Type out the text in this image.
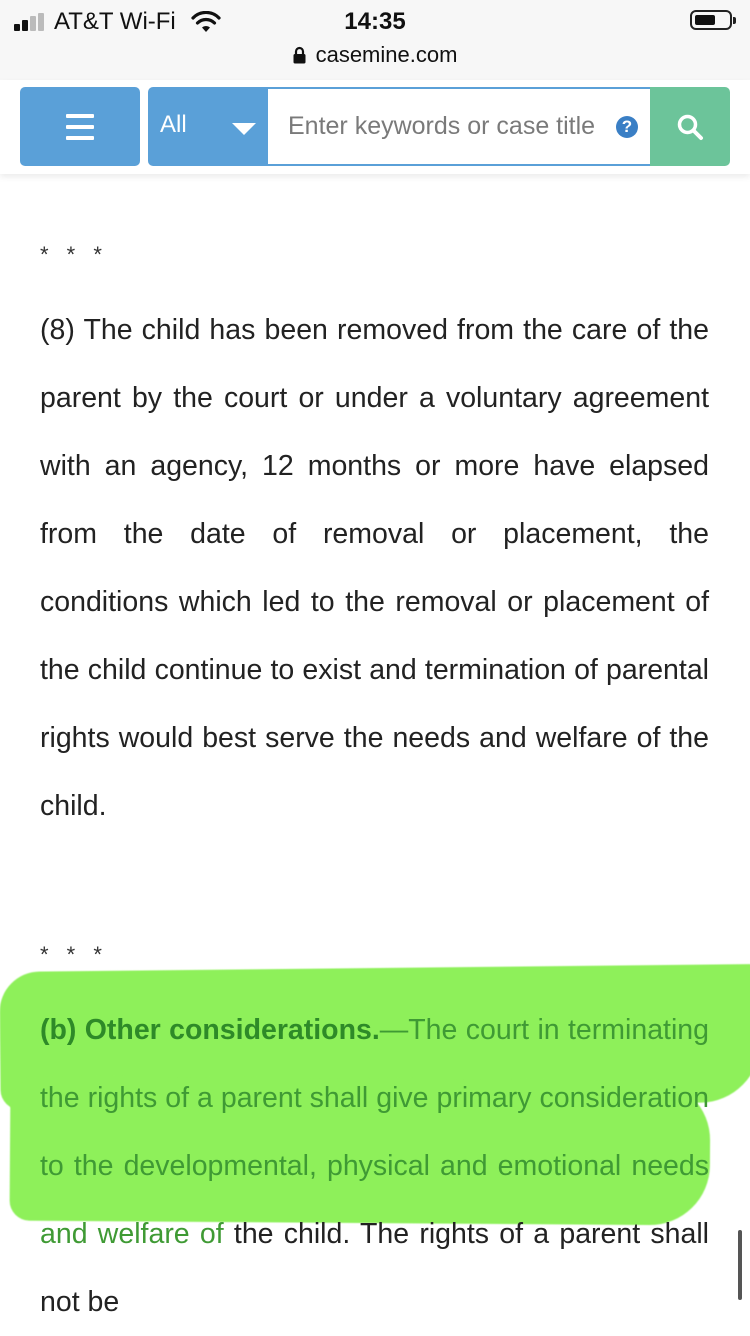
AT&T Wi-Fi	14:35
casemine.com
All
Enter keywords or case title	?
* * *
(8) The child has been removed from the care of the parent by the court or under a voluntary agreement with an agency, 12 months or more have elapsed from the date of removal or placement, the conditions which led to the removal or placement of the child continue to exist and termination of parental rights would best serve the needs and welfare of the child.
* * *
(b) Other considerations.—The court in terminating the rights of a parent shall give primary consideration to the developmental, physical and emotional needs and welfare of the child. The rights of a parent shall not be
